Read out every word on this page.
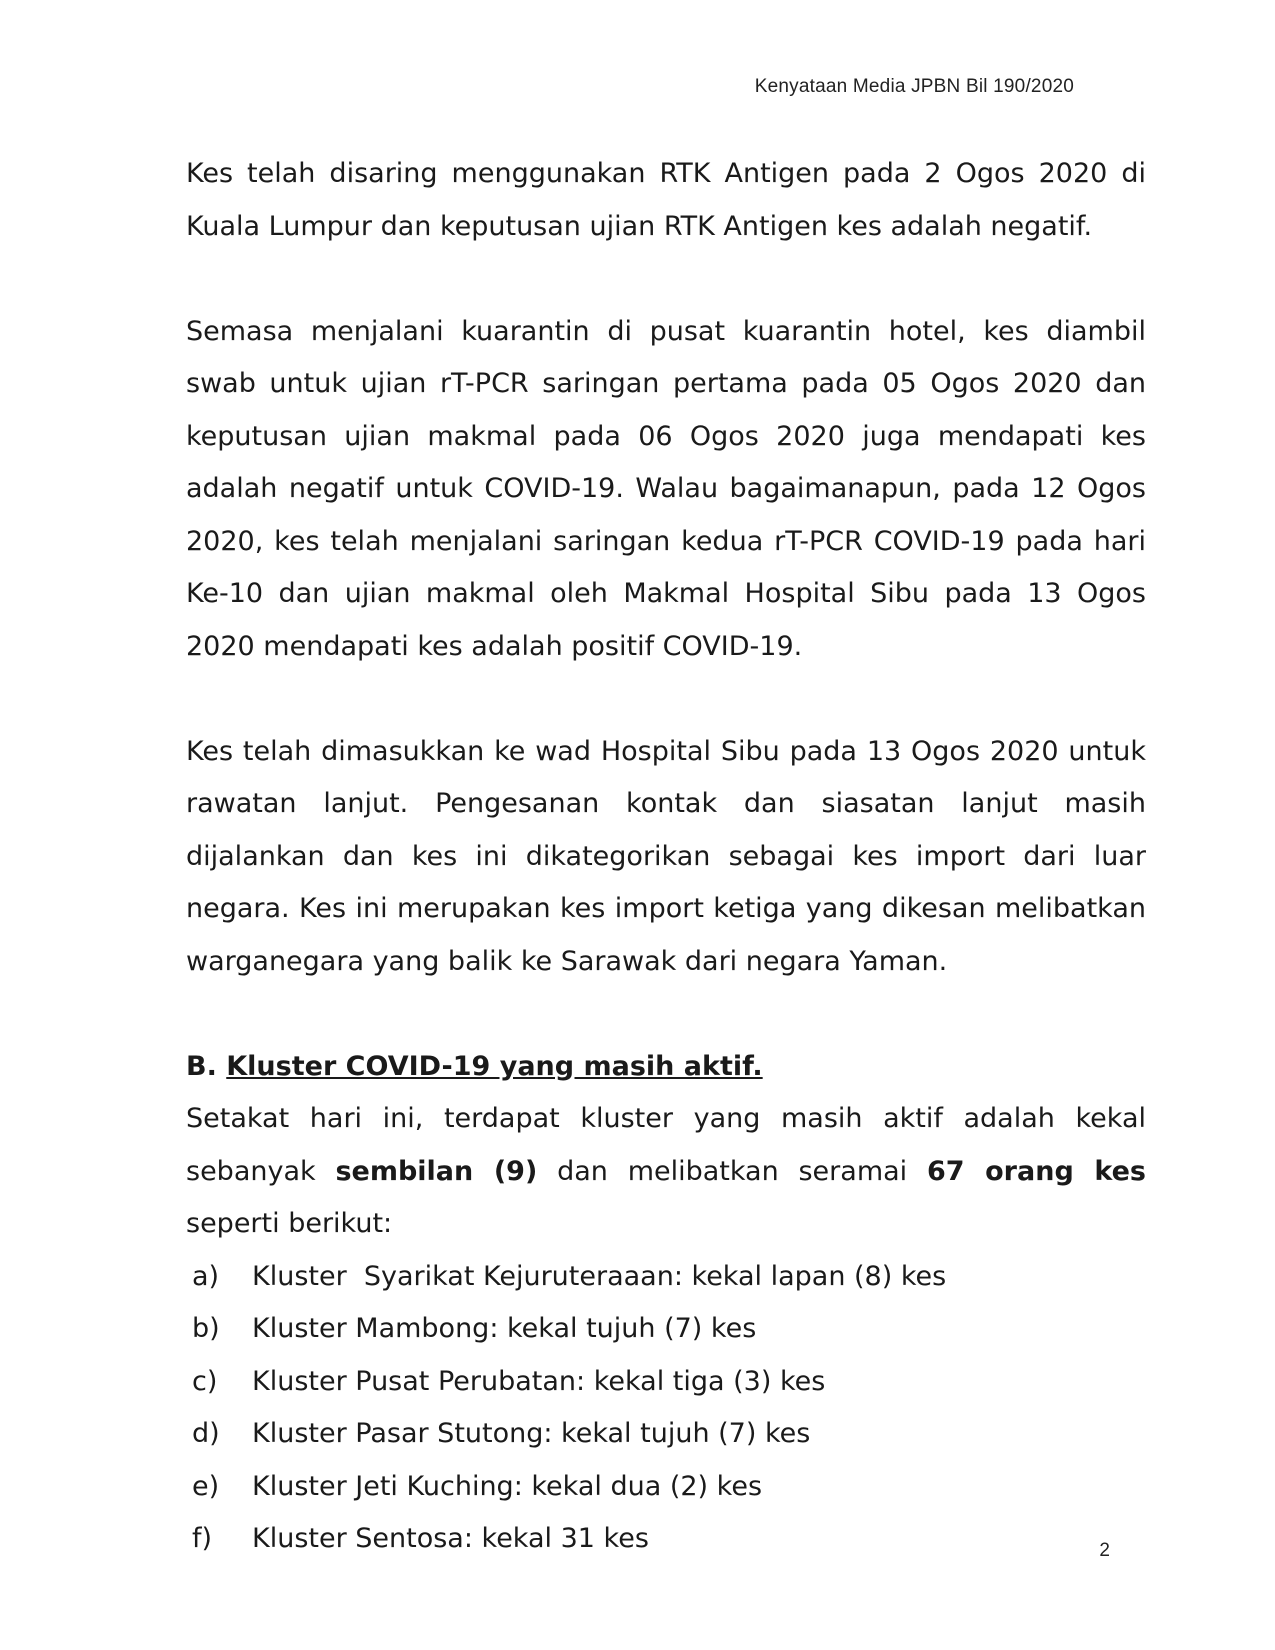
Kenyataan Media JPBN Bil 190/2020

Kes telah disaring menggunakan RTK Antigen pada 2 Ogos 2020 di Kuala Lumpur dan keputusan ujian RTK Antigen kes adalah negatif.

Semasa menjalani kuarantin di pusat kuarantin hotel, kes diambil swab untuk ujian rT-PCR saringan pertama pada 05 Ogos 2020 dan keputusan ujian makmal pada 06 Ogos 2020 juga mendapati kes adalah negatif untuk COVID-19. Walau bagaimanapun, pada 12 Ogos 2020, kes telah menjalani saringan kedua rT-PCR COVID-19 pada hari Ke-10 dan ujian makmal oleh Makmal Hospital Sibu pada 13 Ogos 2020 mendapati kes adalah positif COVID-19.

Kes telah dimasukkan ke wad Hospital Sibu pada 13 Ogos 2020 untuk rawatan lanjut. Pengesanan kontak dan siasatan lanjut masih dijalankan dan kes ini dikategorikan sebagai kes import dari luar negara. Kes ini merupakan kes import ketiga yang dikesan melibatkan warganegara yang balik ke Sarawak dari negara Yaman.

B. Kluster COVID-19 yang masih aktif.

Setakat hari ini, terdapat kluster yang masih aktif adalah kekal sebanyak sembilan (9) dan melibatkan seramai 67 orang kes seperti berikut:

a)	Kluster  Syarikat Kejuruteraaan: kekal lapan (8) kes
b)	Kluster Mambong: kekal tujuh (7) kes
c)	Kluster Pusat Perubatan: kekal tiga (3) kes
d)	Kluster Pasar Stutong: kekal tujuh (7) kes
e)	Kluster Jeti Kuching: kekal dua (2) kes
f)	Kluster Sentosa: kekal 31 kes	2
